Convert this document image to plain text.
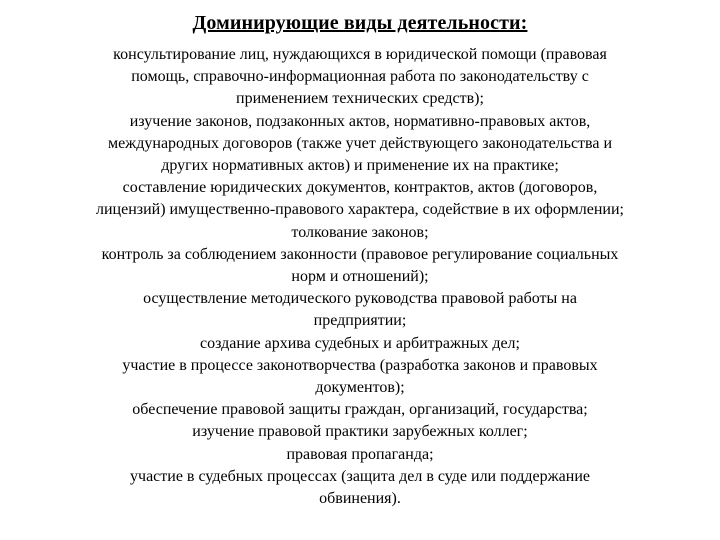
Доминирующие виды деятельности:
консультирование лиц, нуждающихся в юридической помощи (правовая
помощь, справочно-информационная работа по законодательству с
применением технических средств);
изучение законов, подзаконных актов, нормативно-правовых актов,
международных договоров (также учет действующего законодательства и
других нормативных актов) и применение их на практике;
составление юридических документов, контрактов, актов (договоров,
лицензий) имущественно-правового характера, содействие в их оформлении;
толкование законов;
контроль за соблюдением законности (правовое регулирование социальных
норм и отношений);
осуществление методического руководства правовой работы на
предприятии;
создание архива судебных и арбитражных дел;
участие в процессе законотворчества (разработка законов и правовых
документов);
обеспечение правовой защиты граждан, организаций, государства;
изучение правовой практики зарубежных коллег;
правовая пропаганда;
участие в судебных процессах (защита дел в суде или поддержание
обвинения).
